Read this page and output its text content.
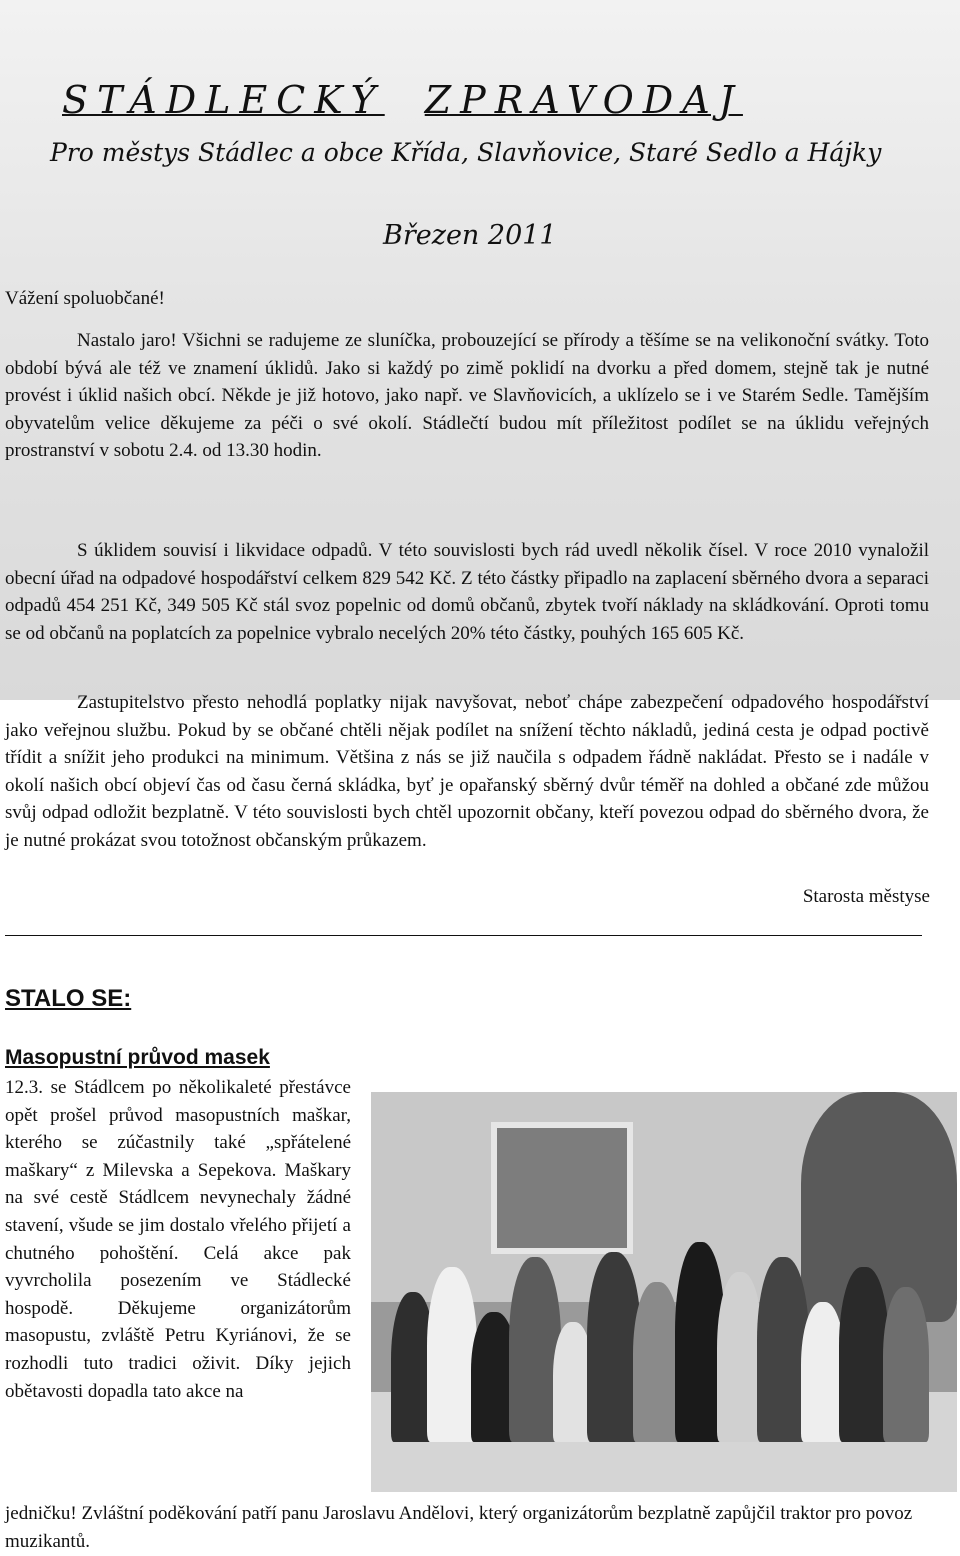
STÁDLECKÝ ZPRAVODAJ
Pro městys Stádlec a obce Křída, Slavňovice, Staré Sedlo a Hájky
Březen 2011
Vážení spoluobčané!
Nastalo jaro! Všichni se radujeme ze sluníčka, probouzející se přírody a těšíme se na velikonoční svátky. Toto období bývá ale též ve znamení úklidů. Jako si každý po zimě poklidí na dvorku a před domem, stejně tak je nutné provést i úklid našich obcí. Někde je již hotovo, jako např. ve Slavňovicích, a uklízelo se i ve Starém Sedle. Tamějším obyvatelům velice děkujeme za péči o své okolí. Stádlečtí budou mít příležitost podílet se na úklidu veřejných prostranství v sobotu 2.4. od 13.30 hodin.
S úklidem souvisí i likvidace odpadů. V této souvislosti bych rád uvedl několik čísel. V roce 2010 vynaložil obecní úřad na odpadové hospodářství celkem 829 542 Kč. Z této částky připadlo na zaplacení sběrného dvora a separaci odpadů 454 251 Kč, 349 505 Kč stál svoz popelnic od domů občanů, zbytek tvoří náklady na skládkování. Oproti tomu se od občanů na poplatcích za popelnice vybralo necelých 20% této částky, pouhých 165 605 Kč.
Zastupitelstvo přesto nehodlá poplatky nijak navyšovat, neboť chápe zabezpečení odpadového hospodářství jako veřejnou službu. Pokud by se občané chtěli nějak podílet na snížení těchto nákladů, jediná cesta je odpad poctivě třídit a snížit jeho produkci na minimum. Většina z nás se již naučila s odpadem řádně nakládat. Přesto se i nadále v okolí našich obcí objeví čas od času černá skládka, byť je opařanský sběrný dvůr téměř na dohled a občané zde můžou svůj odpad odložit bezplatně. V této souvislosti bych chtěl upozornit občany, kteří povezou odpad do sběrného dvora, že je nutné prokázat svou totožnost občanským průkazem.
Starosta městyse
STALO SE:
Masopustní průvod masek
12.3. se Stádlcem po několikaleté přestávce opět prošel průvod masopustních maškar, kterého se zúčastnily také „spřátelené maškary“ z Milevska a Sepekova. Maškary na své cestě Stádlcem nevynechaly žádné stavení, všude se jim dostalo vřelého přijetí a chutného pohoštění. Celá akce pak vyvrcholila posezením ve Stádlecké hospodě. Děkujeme organizátorům masopustu, zvláště Petru Kyriánovi, že se rozhodli tuto tradici oživit. Díky jejich obětavosti dopadla tato akce na
jedničku! Zvláštní poděkování patří panu Jaroslavu Andělovi, který organizátorům bezplatně zapůjčil traktor pro povoz muzikantů.
